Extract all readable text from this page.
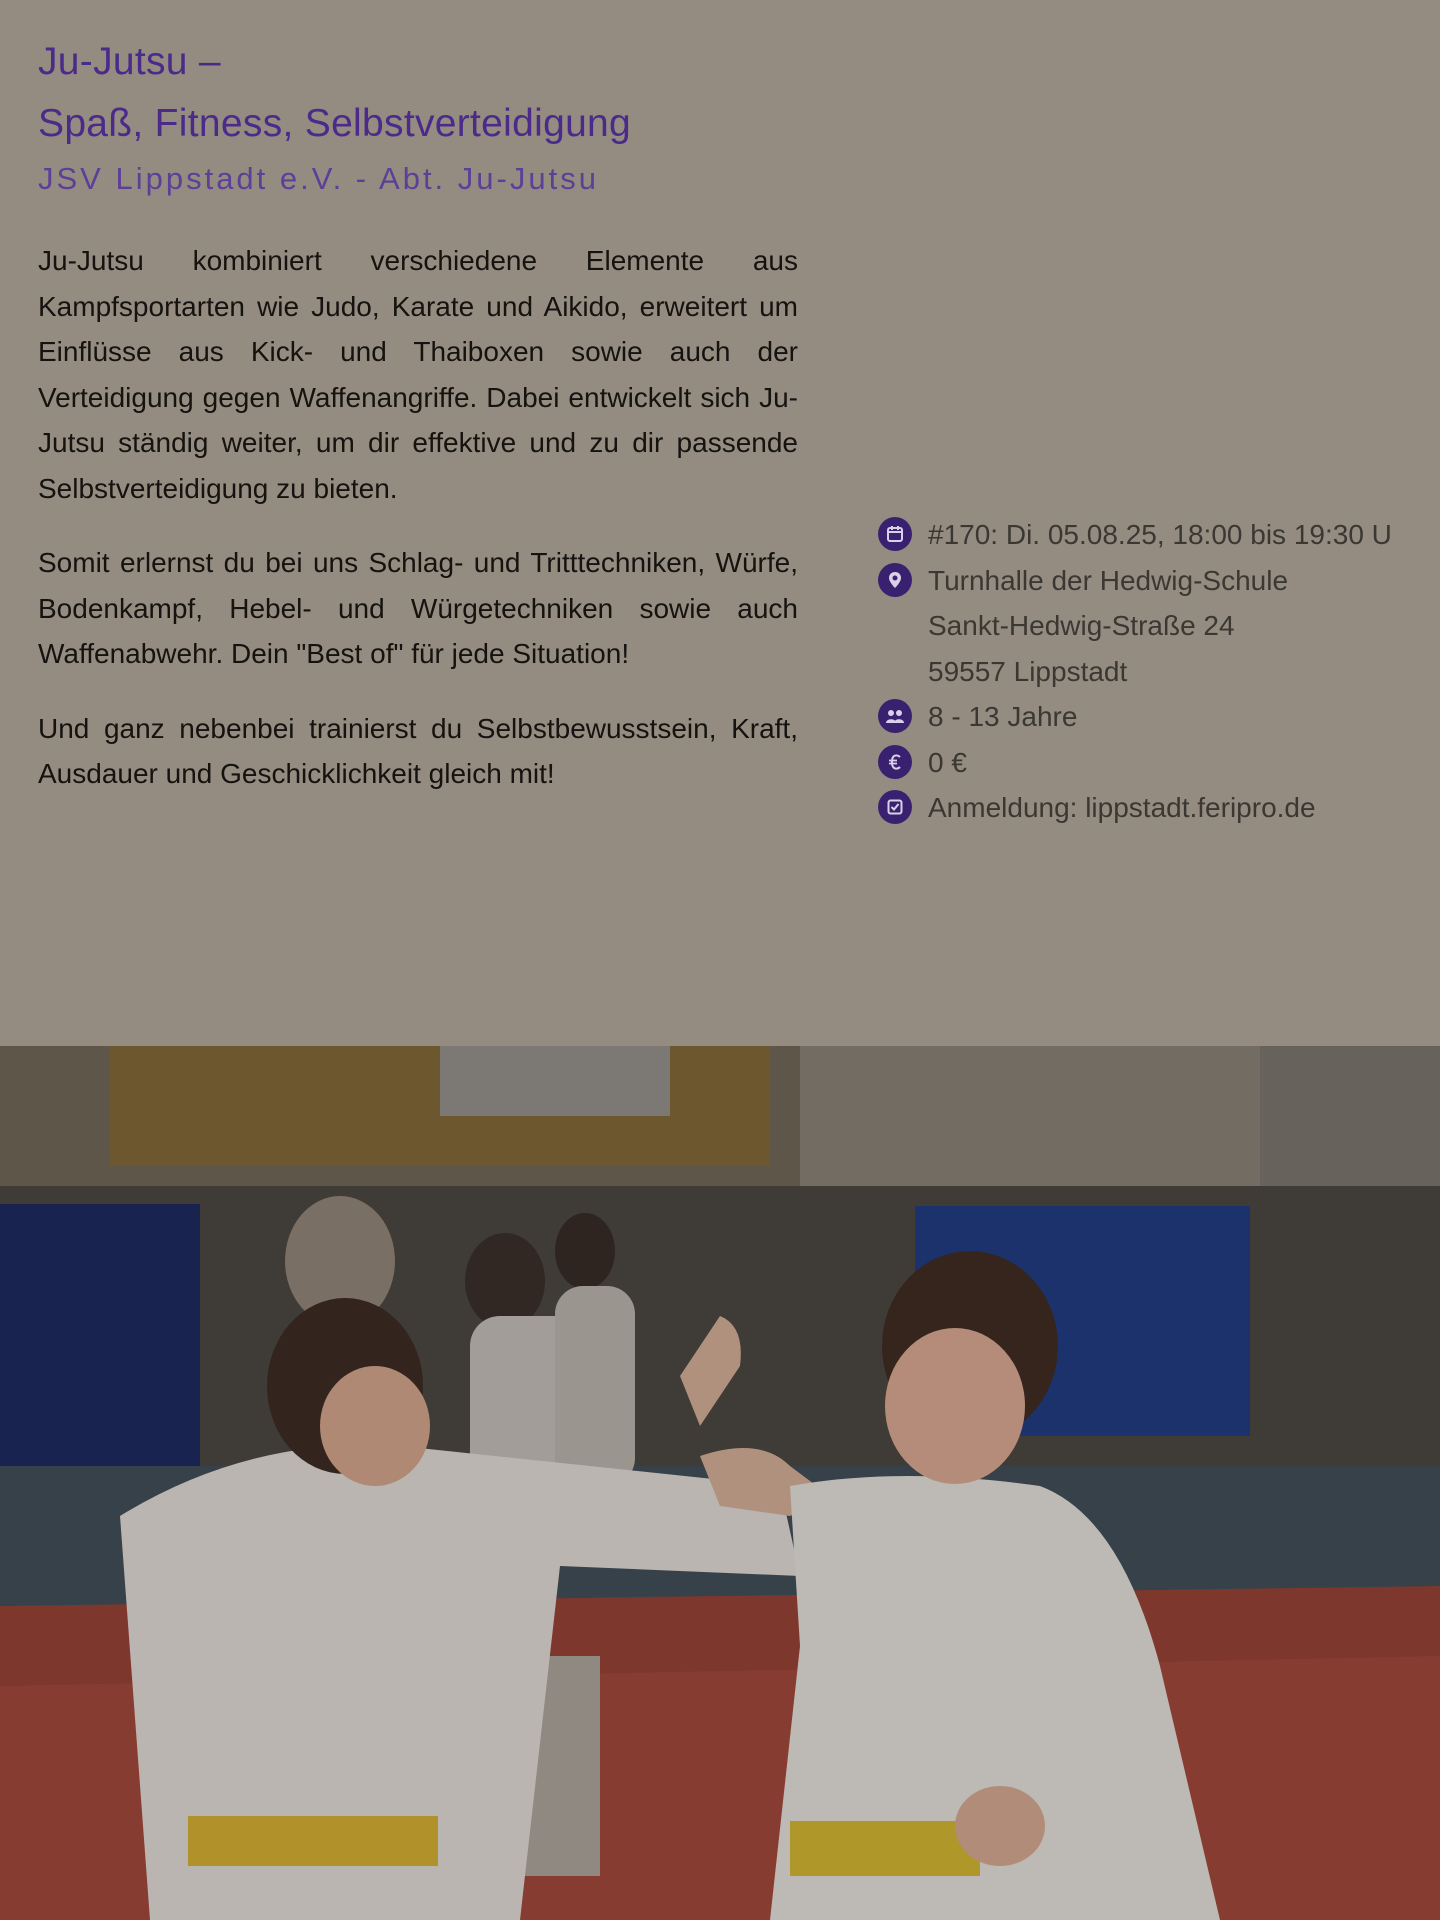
Ju-Jutsu –
Spaß, Fitness, Selbstverteidigung

JSV Lippstadt e.V. - Abt. Ju-Jutsu

Ju-Jutsu kombiniert verschiedene Elemente aus Kampfsportarten wie Judo, Karate und Aikido, erweitert um Einflüsse aus Kick- und Thaiboxen sowie auch der Verteidigung gegen Waffenangriffe. Dabei entwickelt sich Ju-Jutsu ständig weiter, um dir effektive und zu dir passende Selbstverteidigung zu bieten.

Somit erlernst du bei uns Schlag- und Tritttechniken, Würfe, Bodenkampf, Hebel- und Würgetechniken sowie auch Waffenabwehr. Dein "Best of" für jede Situation!

Und ganz nebenbei trainierst du Selbstbewusstsein, Kraft, Ausdauer und Geschicklichkeit gleich mit!

#170: Di. 05.08.25, 18:00 bis 19:30 U
Turnhalle der Hedwig-Schule
Sankt-Hedwig-Straße 24
59557 Lippstadt
8 - 13 Jahre
0 €
Anmeldung: lippstadt.feripro.de
